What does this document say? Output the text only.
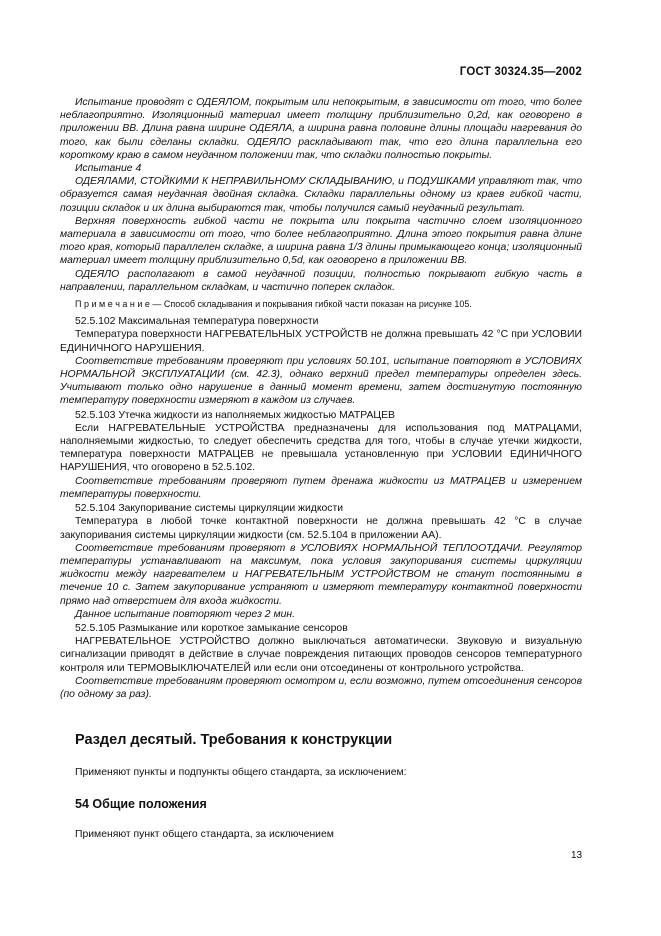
ГОСТ 30324.35—2002

Испытание проводят с ОДЕЯЛОМ, покрытым или непокрытым, в зависимости от того, что более неблагоприятно. Изоляционный материал имеет толщину приблизительно 0,2d, как оговорено в приложении ВВ. Длина равна ширине ОДЕЯЛА, а ширина равна половине длины площади нагревания до того, как были сделаны складки. ОДЕЯЛО раскладывают так, что его длина параллельна его короткому краю в самом неудачном положении так, что складки полностью покрыты.

Испытание 4

ОДЕЯЛАМИ, СТОЙКИМИ К НЕПРАВИЛЬНОМУ СКЛАДЫВАНИЮ, и ПОДУШКАМИ управляют так, что образуется самая неудачная двойная складка. Складки параллельны одному из краев гибкой части, позиции складок и их длина выбираются так, чтобы получился самый неудачный результат.

Верхняя поверхность гибкой части не покрыта или покрыта частично слоем изоляционного материала в зависимости от того, что более неблагоприятно. Длина этого покрытия равна длине того края, который параллелен складке, а ширина равна 1/3 длины примыкающего конца; изоляционный материал имеет толщину приблизительно 0,5d, как оговорено в приложении ВВ.

ОДЕЯЛО располагают в самой неудачной позиции, полностью покрывают гибкую часть в направлении, параллельном складкам, и частично поперек складок.

П р и м е ч а н и е — Способ складывания и покрывания гибкой части показан на рисунке 105.

52.5.102 Максимальная температура поверхности

Температура поверхности НАГРЕВАТЕЛЬНЫХ УСТРОЙСТВ не должна превышать 42 °C при УСЛОВИИ ЕДИНИЧНОГО НАРУШЕНИЯ.

Соответствие требованиям проверяют при условиях 50.101, испытание повторяют в УСЛОВИЯХ НОРМАЛЬНОЙ ЭКСПЛУАТАЦИИ (см. 42.3), однако верхний предел температуры определен здесь. Учитывают только одно нарушение в данный момент времени, затем достигнутую постоянную температуру поверхности измеряют в каждом из случаев.

52.5.103 Утечка жидкости из наполняемых жидкостью МАТРАЦЕВ

Если НАГРЕВАТЕЛЬНЫЕ УСТРОЙСТВА предназначены для использования под МАТРАЦАМИ, наполняемыми жидкостью, то следует обеспечить средства для того, чтобы в случае утечки жидкости, температура поверхности МАТРАЦЕВ не превышала установленную при УСЛОВИИ ЕДИНИЧНОГО НАРУШЕНИЯ, что оговорено в 52.5.102.

Соответствие требованиям проверяют путем дренажа жидкости из МАТРАЦЕВ и измерением температуры поверхности.

52.5.104 Закупоривание системы циркуляции жидкости

Температура в любой точке контактной поверхности не должна превышать 42 °C в случае закупоривания системы циркуляции жидкости (см. 52.5.104 в приложении АА).

Соответствие требованиям проверяют в УСЛОВИЯХ НОРМАЛЬНОЙ ТЕПЛООТДАЧИ. Регулятор температуры устанавливают на максимум, пока условия закупоривания системы циркуляции жидкости между нагревателем и НАГРЕВАТЕЛЬНЫМ УСТРОЙСТВОМ не станут постоянными в течение 10 с. Затем закупоривание устраняют и измеряют температуру контактной поверхности прямо над отверстием для входа жидкости.

Данное испытание повторяют через 2 мин.

52.5.105 Размыкание или короткое замыкание сенсоров

НАГРЕВАТЕЛЬНОЕ УСТРОЙСТВО должно выключаться автоматически. Звуковую и визуальную сигнализации приводят в действие в случае повреждения питающих проводов сенсоров температурного контроля или ТЕРМОВЫКЛЮЧАТЕЛЕЙ или если они отсоединены от контрольного устройства.

Соответствие требованиям проверяют осмотром и, если возможно, путем отсоединения сенсоров (по одному за раз).

Раздел десятый. Требования к конструкции
Применяют пункты и подпункты общего стандарта, за исключением:
54 Общие положения
Применяют пункт общего стандарта, за исключением
13
